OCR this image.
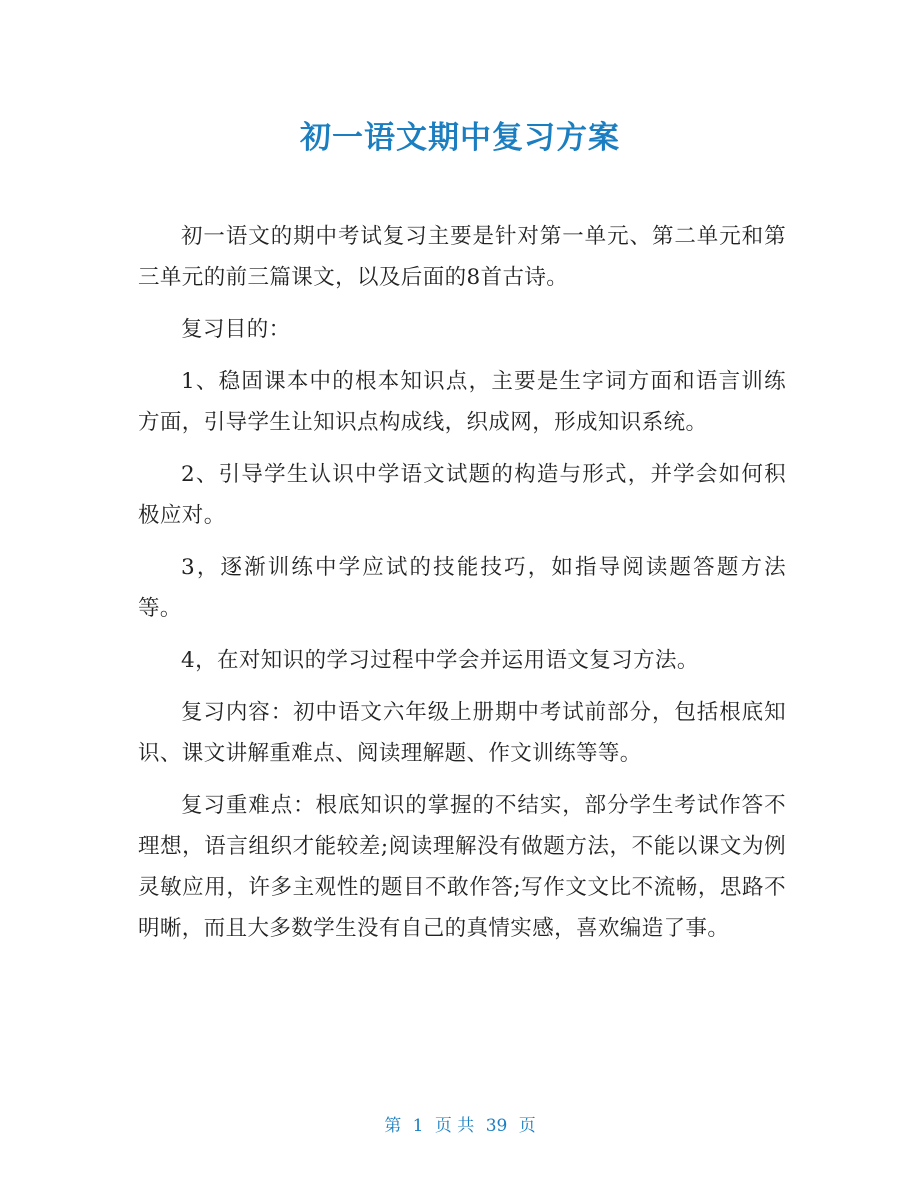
初一语文期中复习方案

初一语文的期中考试复习主要是针对第一单元、第二单元和第三单元的前三篇课文，以及后面的8首古诗。

复习目的：

1、稳固课本中的根本知识点，主要是生字词方面和语言训练方面，引导学生让知识点构成线，织成网，形成知识系统。

2、引导学生认识中学语文试题的构造与形式，并学会如何积极应对。

3，逐渐训练中学应试的技能技巧，如指导阅读题答题方法等。

4，在对知识的学习过程中学会并运用语文复习方法。

复习内容：初中语文六年级上册期中考试前部分，包括根底知识、课文讲解重难点、阅读理解题、作文训练等等。

复习重难点：根底知识的掌握的不结实，部分学生考试作答不理想，语言组织才能较差;阅读理解没有做题方法，不能以课文为例灵敏应用，许多主观性的题目不敢作答;写作文文比不流畅，思路不明晰，而且大多数学生没有自己的真情实感，喜欢编造了事。

第 1 页 共 39 页
